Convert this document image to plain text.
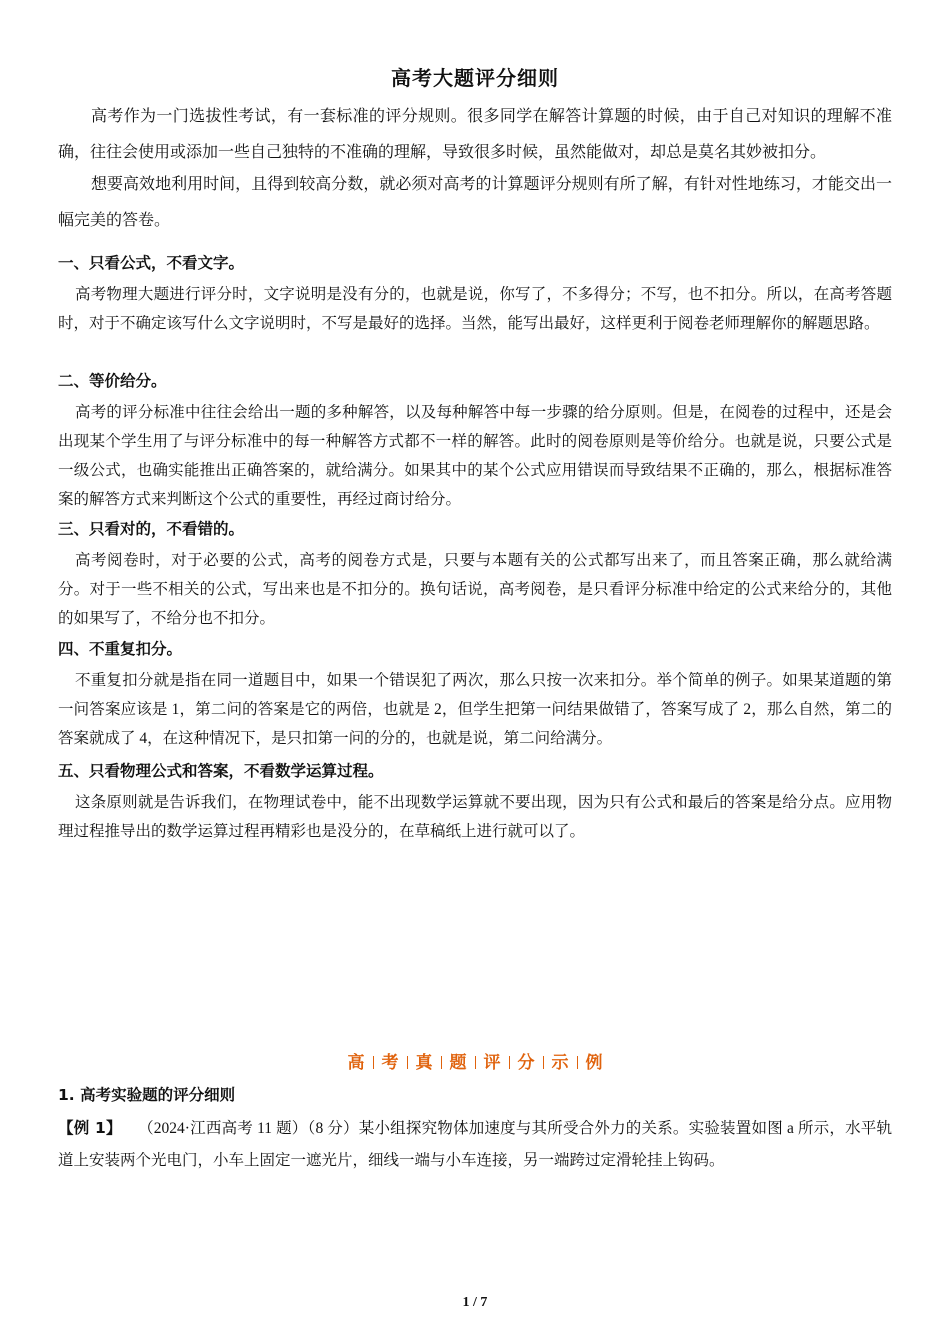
高考大题评分细则

高考作为一门选拔性考试，有一套标准的评分规则。很多同学在解答计算题的时候，由于自己对知识的理解不准确，往往会使用或添加一些自己独特的不准确的理解，导致很多时候，虽然能做对，却总是莫名其妙被扣分。

想要高效地利用时间，且得到较高分数，就必须对高考的计算题评分规则有所了解，有针对性地练习，才能交出一幅完美的答卷。

一、只看公式，不看文字。

高考物理大题进行评分时，文字说明是没有分的，也就是说，你写了，不多得分；不写，也不扣分。所以，在高考答题时，对于不确定该写什么文字说明时，不写是最好的选择。当然，能写出最好，这样更利于阅卷老师理解你的解题思路。

二、等价给分。

高考的评分标准中往往会给出一题的多种解答，以及每种解答中每一步骤的给分原则。但是，在阅卷的过程中，还是会出现某个学生用了与评分标准中的每一种解答方式都不一样的解答。此时的阅卷原则是等价给分。也就是说，只要公式是一级公式，也确实能推出正确答案的，就给满分。如果其中的某个公式应用错误而导致结果不正确的，那么，根据标准答案的解答方式来判断这个公式的重要性，再经过商讨给分。

三、只看对的，不看错的。

高考阅卷时，对于必要的公式，高考的阅卷方式是，只要与本题有关的公式都写出来了，而且答案正确，那么就给满分。对于一些不相关的公式，写出来也是不扣分的。换句话说，高考阅卷，是只看评分标准中给定的公式来给分的，其他的如果写了，不给分也不扣分。

四、不重复扣分。

不重复扣分就是指在同一道题目中，如果一个错误犯了两次，那么只按一次来扣分。举个简单的例子。如果某道题的第一问答案应该是 1，第二问的答案是它的两倍，也就是 2，但学生把第一问结果做错了，答案写成了 2，那么自然，第二的答案就成了 4，在这种情况下，是只扣第一问的分的，也就是说，第二问给满分。

五、只看物理公式和答案，不看数学运算过程。

这条原则就是告诉我们，在物理试卷中，能不出现数学运算就不要出现，因为只有公式和最后的答案是给分点。应用物理过程推导出的数学运算过程再精彩也是没分的，在草稿纸上进行就可以了。

高 考 真 题 评 分 示 例
1. 高考实验题的评分细则

【例 1】 （2024·江西高考 11 题）（8 分）某小组探究物体加速度与其所受合外力的关系。实验装置如图 a 所示，水平轨道上安装两个光电门，小车上固定一遮光片，细线一端与小车连接，另一端跨过定滑轮挂上钩码。

1 / 7
